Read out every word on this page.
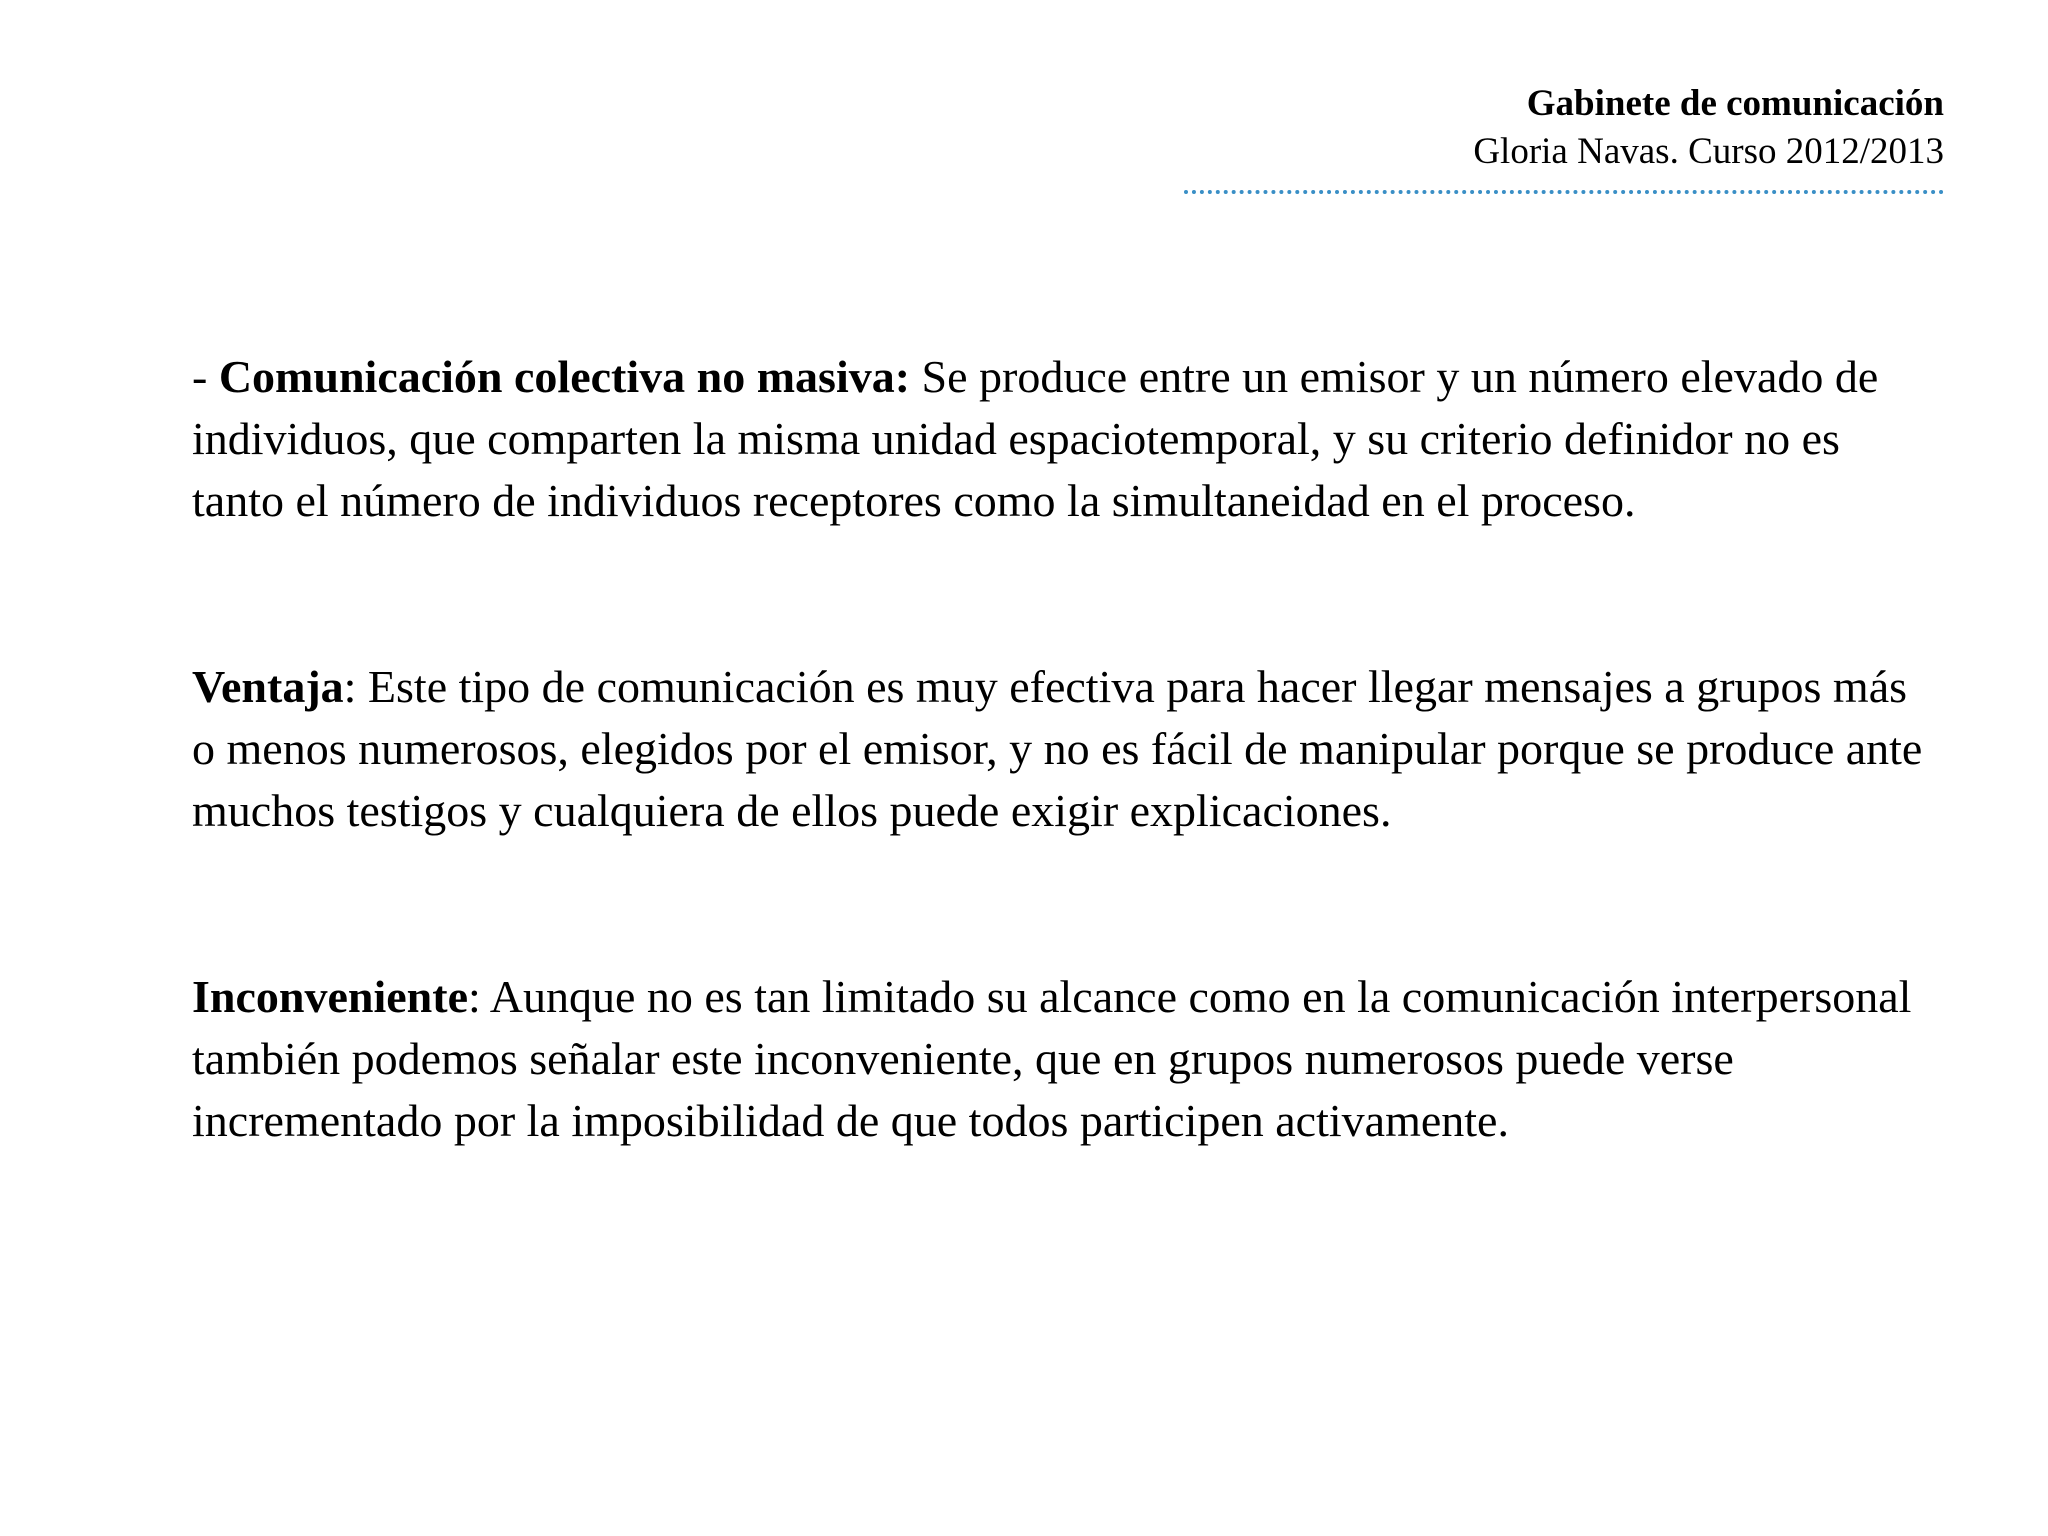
Gabinete de comunicación
Gloria Navas. Curso 2012/2013

- Comunicación colectiva no masiva: Se produce entre un emisor y un número elevado de individuos, que comparten la misma unidad espaciotemporal, y su criterio definidor no es tanto el número de individuos receptores como la simultaneidad en el proceso.

Ventaja: Este tipo de comunicación es muy efectiva para hacer llegar mensajes a grupos más o menos numerosos, elegidos por el emisor, y no es fácil de manipular porque se produce ante muchos testigos y cualquiera de ellos puede exigir explicaciones.

Inconveniente: Aunque no es tan limitado su alcance como en la comunicación interpersonal también podemos señalar este inconveniente, que en grupos numerosos puede verse incrementado por la imposibilidad de que todos participen activamente.
